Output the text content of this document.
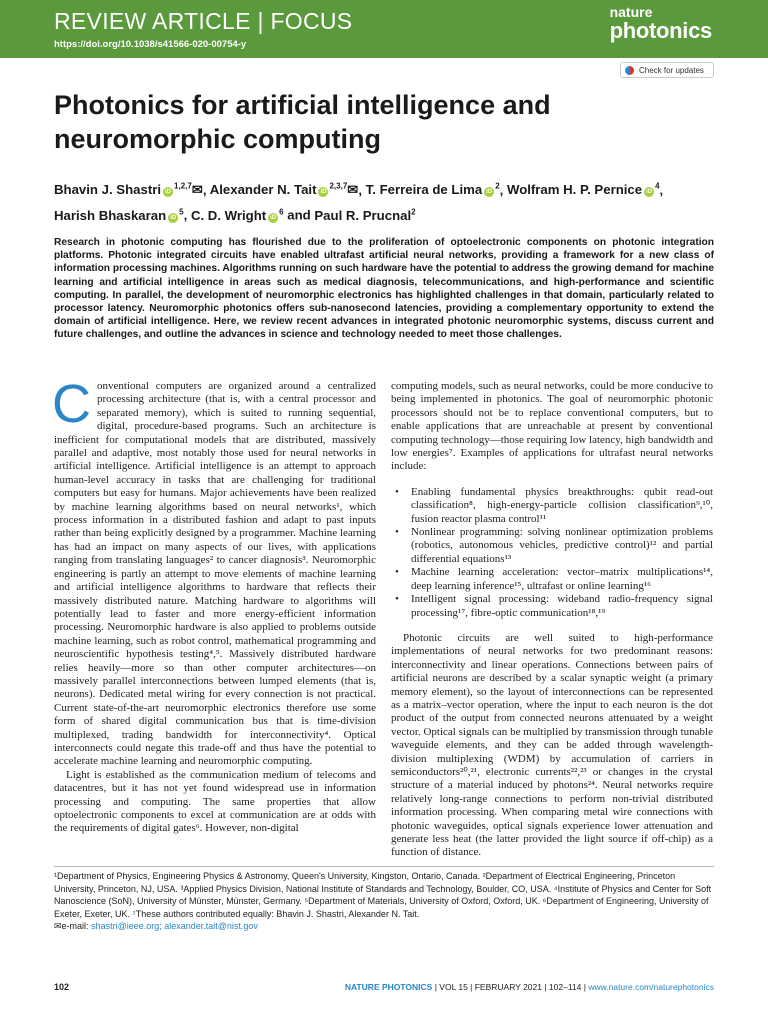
REVIEW ARTICLE | FOCUS
https://doi.org/10.1038/s41566-020-00754-y
nature
photonics
Check for updates
Photonics for artificial intelligence and neuromorphic computing
Bhavin J. Shastri iD$^{1,2,7}$✉, Alexander N. Tait iD$^{2,3,7}$✉, T. Ferreira de Lima $iD^2$, Wolfram H. P. Pernice $iD^4$,
Harish Bhaskaran $iD^5$, C. D. Wright $iD^6$ and Paul R. Prucnal$^2$

Research in photonic computing has flourished due to the proliferation of optoelectronic components on photonic integration platforms. Photonic integrated circuits have enabled ultrafast artificial neural networks, providing a framework for a new class of information processing machines. Algorithms running on such hardware have the potential to address the growing demand for machine learning and artificial intelligence in areas such as medical diagnosis, telecommunications, and high-performance and scientific computing. In parallel, the development of neuromorphic electronics has highlighted challenges in that domain, particularly related to processor latency. Neuromorphic photonics offers sub-nanosecond latencies, providing a complementary opportunity to extend the domain of artificial intelligence. Here, we review recent advances in integrated photonic neuromorphic systems, discuss current and future challenges, and outline the advances in science and technology needed to meet those challenges.

Conventional computers are organized around a centralized processing architecture (that is, with a central processor and separated memory), which is suited to running sequential, digital, procedure-based programs. Such an architecture is inefficient for computational models that are distributed, massively parallel and adaptive, most notably those used for neural networks in artificial intelligence. Artificial intelligence is an attempt to approach human-level accuracy in tasks that are challenging for traditional computers but easy for humans. Major achievements have been realized by machine learning algorithms based on neural networks¹, which process information in a distributed fashion and adapt to past inputs rather than being explicitly designed by a programmer. Machine learning has had an impact on many aspects of our lives, with applications ranging from translating languages² to cancer diagnosis³. Neuromorphic engineering is partly an attempt to move elements of machine learning and artificial intelligence algorithms to hardware that reflects their massively distributed nature. Matching hardware to algorithms will potentially lead to faster and more energy-efficient information processing. Neuromorphic hardware is also applied to problems outside machine learning, such as robot control, mathematical programming and neuroscientific hypothesis testing⁴,⁵. Massively distributed hardware relies heavily—more so than other computer architectures—on massively parallel interconnections between lumped elements (that is, neurons). Dedicated metal wiring for every connection is not practical. Current state-of-the-art neuromorphic electronics therefore use some form of shared digital communication bus that is time-division multiplexed, trading bandwidth for interconnectivity⁴. Optical interconnects could negate this trade-off and thus have the potential to accelerate machine learning and neuromorphic computing.

Light is established as the communication medium of telecoms and datacentres, but it has not yet found widespread use in information processing and computing. The same properties that allow optoelectronic components to excel at communication are at odds with the requirements of digital gates⁶. However, non-digital

computing models, such as neural networks, could be more conducive to being implemented in photonics. The goal of neuromorphic photonic processors should not be to replace conventional computers, but to enable applications that are unreachable at present by conventional computing technology—those requiring low latency, high bandwidth and low energies⁷. Examples of applications for ultrafast neural networks include:

• Enabling fundamental physics breakthroughs: qubit read-out classification⁸, high-energy-particle collision classification⁹,¹⁰, fusion reactor plasma control¹¹
• Nonlinear programming: solving nonlinear optimization problems (robotics, autonomous vehicles, predictive control)¹² and partial differential equations¹³
• Machine learning acceleration: vector–matrix multiplications¹⁴, deep learning inference¹⁵, ultrafast or online learning¹⁶
• Intelligent signal processing: wideband radio-frequency signal processing¹⁷, fibre-optic communication¹⁸,¹⁹

Photonic circuits are well suited to high-performance implementations of neural networks for two predominant reasons: interconnectivity and linear operations. Connections between pairs of artificial neurons are described by a scalar synaptic weight (a primary memory element), so the layout of interconnections can be represented as a matrix–vector operation, where the input to each neuron is the dot product of the output from connected neurons attenuated by a weight vector. Optical signals can be multiplied by transmission through tunable waveguide elements, and they can be added through wavelength-division multiplexing (WDM) by accumulation of carriers in semiconductors²⁰,²¹, electronic currents²²,²³ or changes in the crystal structure of a material induced by photons²⁴. Neural networks require relatively long-range connections to perform non-trivial distributed information processing. When comparing metal wire connections with photonic waveguides, optical signals experience lower attenuation and generate less heat (the latter provided the light source if off-chip) as a function of distance.

¹Department of Physics, Engineering Physics & Astronomy, Queen's University, Kingston, Ontario, Canada. ²Department of Electrical Engineering, Princeton University, Princeton, NJ, USA. ³Applied Physics Division, National Institute of Standards and Technology, Boulder, CO, USA. ⁴Institute of Physics and Center for Soft Nanoscience (SoN), University of Münster, Münster, Germany. ⁵Department of Materials, University of Oxford, Oxford, UK. ⁶Department of Engineering, University of Exeter, Exeter, UK. ⁷These authors contributed equally: Bhavin J. Shastri, Alexander N. Tait.
✉e-mail: shastri@ieee.org; alexander.tait@nist.gov
102	NATURE PHOTONICS | VOL 15 | FEBRUARY 2021 | 102–114 | www.nature.com/naturephotonics
